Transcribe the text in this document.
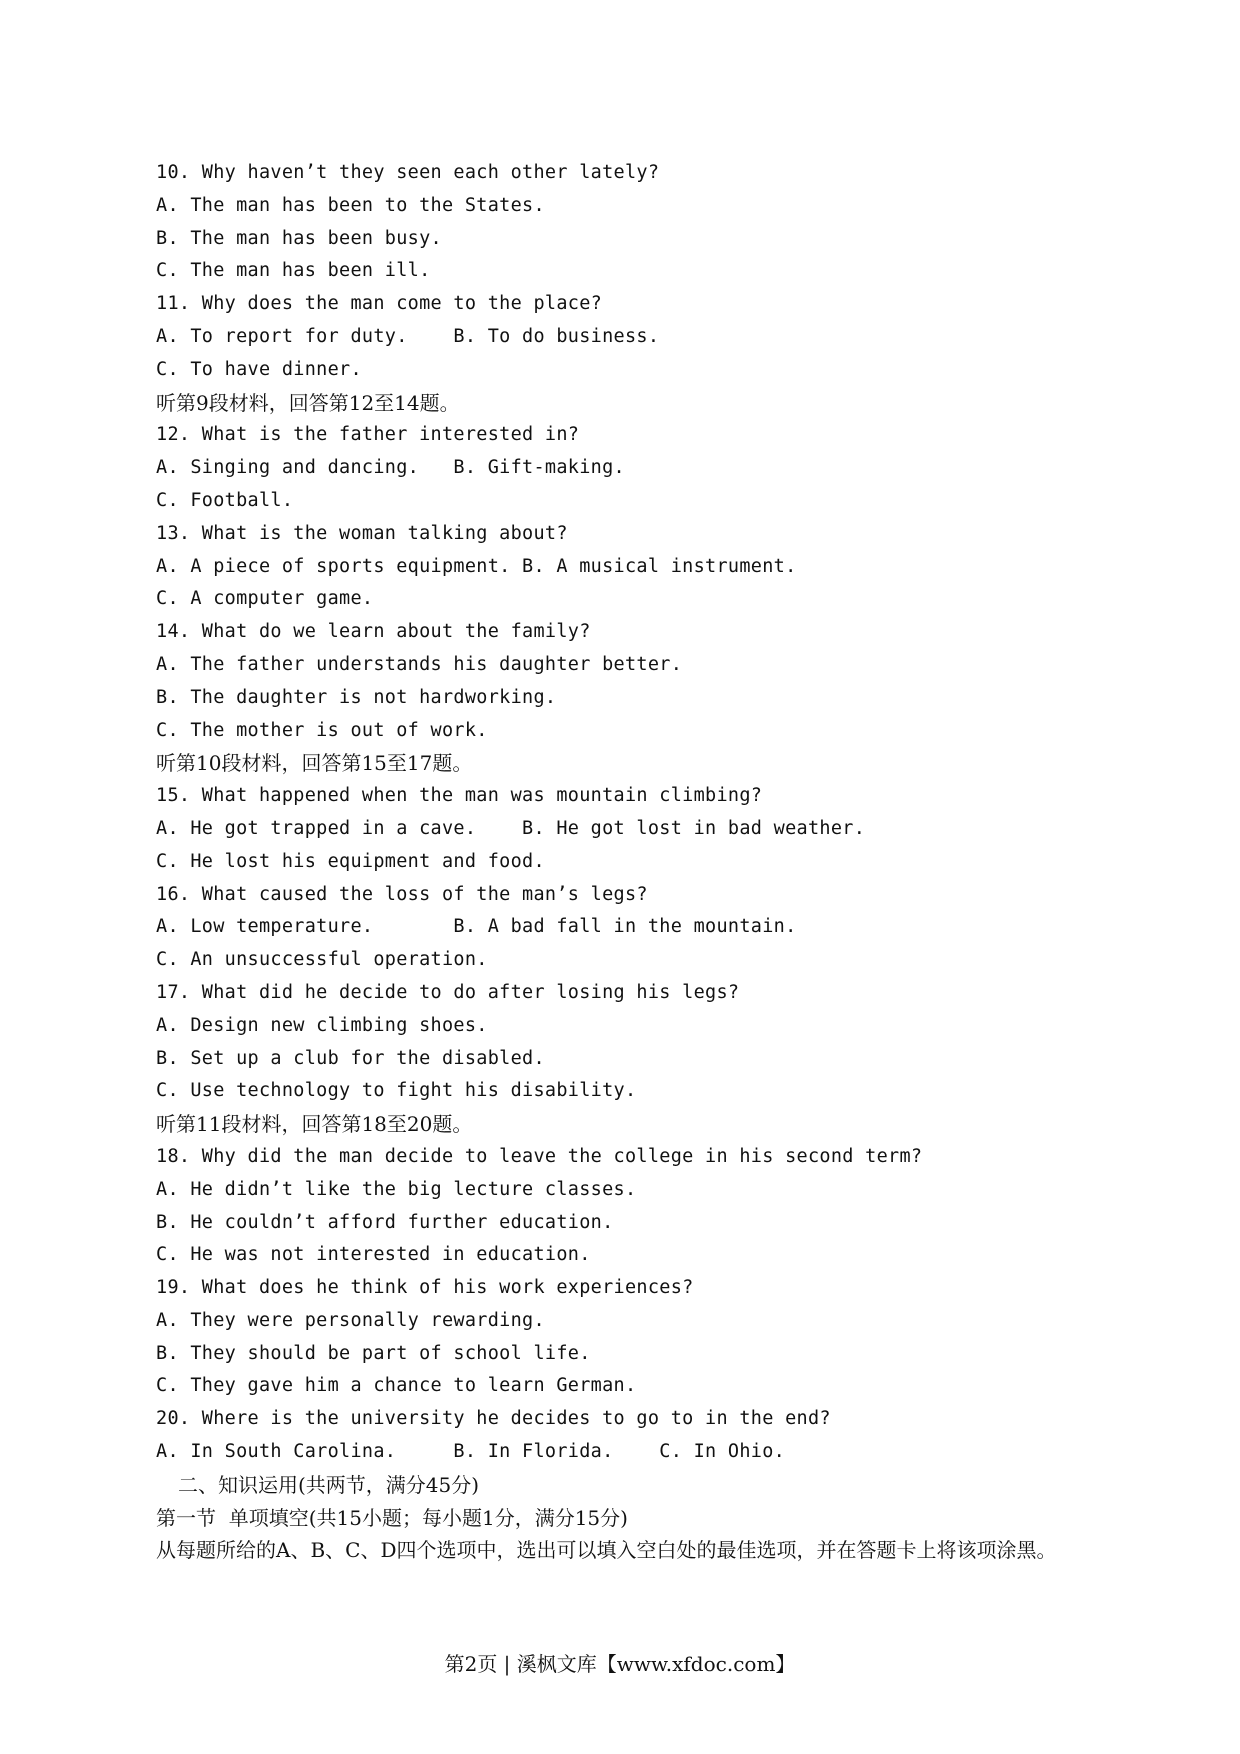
10. Why haven’t they seen each other lately?
A. The man has been to the States.
B. The man has been busy.
C. The man has been ill.
11. Why does the man come to the place?
A. To report for duty.    B. To do business.
C. To have dinner.
听第9段材料，回答第12至14题。
12. What is the father interested in?
A. Singing and dancing.   B. Gift-making.
C. Football.
13. What is the woman talking about?
A. A piece of sports equipment. B. A musical instrument.
C. A computer game.
14. What do we learn about the family?
A. The father understands his daughter better.
B. The daughter is not hardworking.
C. The mother is out of work.
听第10段材料，回答第15至17题。
15. What happened when the man was mountain climbing?
A. He got trapped in a cave.    B. He got lost in bad weather.
C. He lost his equipment and food.
16. What caused the loss of the man’s legs?
A. Low temperature.       B. A bad fall in the mountain.
C. An unsuccessful operation.
17. What did he decide to do after losing his legs?
A. Design new climbing shoes.
B. Set up a club for the disabled.
C. Use technology to fight his disability.
听第11段材料，回答第18至20题。
18. Why did the man decide to leave the college in his second term?
A. He didn’t like the big lecture classes.
B. He couldn’t afford further education.
C. He was not interested in education.
19. What does he think of his work experiences?
A. They were personally rewarding.
B. They should be part of school life.
C. They gave him a chance to learn German.
20. Where is the university he decides to go to in the end?
A. In South Carolina.     B. In Florida.    C. In Ohio.
二、知识运用(共两节，满分45分)
第一节  单项填空(共15小题；每小题1分，满分15分)
从每题所给的A、B、C、D四个选项中，选出可以填入空白处的最佳选项，并在答题卡上将该项涂黑。
第2页 | 溪枫文库【www.xfdoc.com】
